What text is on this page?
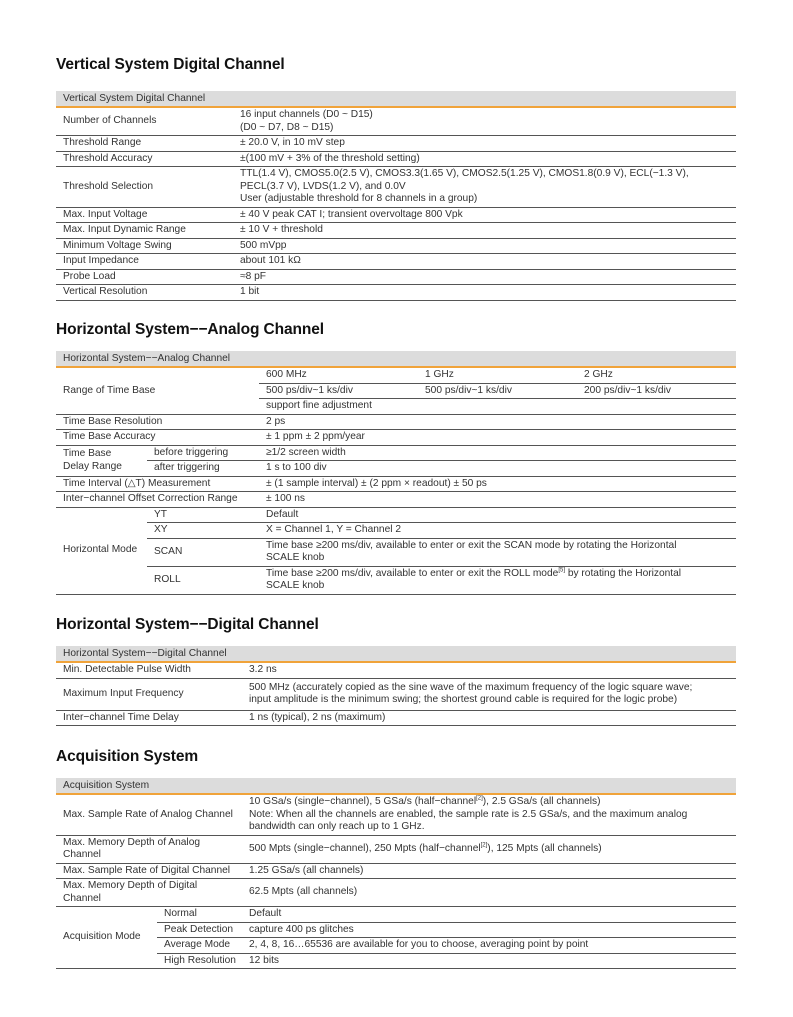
Vertical System Digital Channel
Vertical System Digital Channel	
Number of Channels	16 input channels (D0 ~ D15)
(D0 ~ D7, D8 ~ D15)

Threshold Range	± 20.0 V, in 10 mV step
Threshold Accuracy	±(100 mV + 3% of the threshold setting)
Threshold Selection	TTL(1.4 V), CMOS5.0(2.5 V), CMOS3.3(1.65 V), CMOS2.5(1.25 V), CMOS1.8(0.9 V), ECL(−1.3 V),
PECL(3.7 V), LVDS(1.2 V), and 0.0V
User (adjustable threshold for 8 channels in a group)

Max. Input Voltage	± 40 V peak CAT I; transient overvoltage 800 Vpk
Max. Input Dynamic Range	± 10 V + threshold
Minimum Voltage Swing	500 mVpp
Input Impedance	about 101 kΩ
Probe Load	≈8 pF
Vertical Resolution	1 bit
Horizontal System−−Analog Channel
Horizontal System−−Analog Channel				
Range of Time Base		600 MHz	1 GHz	2 GHz
		500 ps/div~1 ks/div	500 ps/div~1 ks/div	200 ps/div~1 ks/div
		support fine adjustment		
Time Base Resolution		2 ps		
Time Base Accuracy		± 1 ppm ± 2 ppm/year		

Time Base
Delay Range	before triggering	≥1/2 screen width		
	after triggering	1 s to 100 div		
Time Interval (△T) Measurement		± (1 sample interval) ± (2 ppm × readout) ± 50 ps		
Inter−channel Offset Correction Range		± 100 ns		
Horizontal Mode	YT	Default		
	XY	X = Channel 1, Y = Channel 2		
	SCAN	Time base ≥200 ms/div, available to enter or exit the SCAN mode by rotating the Horizontal
SCALE knob		

	ROLL	Time base ≥200 ms/div, available to enter or exit the ROLL mode[5] by rotating the Horizontal
SCALE knob		
Horizontal System−−Digital Channel
Horizontal System−−Digital Channel	
Min. Detectable Pulse Width	3.2 ns
Maximum Input Frequency	500 MHz (accurately copied as the sine wave of the maximum frequency of the logic square wave;
input amplitude is the minimum swing; the shortest ground cable is required for the logic probe)

Inter−channel Time Delay	1 ns (typical), 2 ns (maximum)
Acquisition System
Acquisition System		
Max. Sample Rate of Analog Channel		10 GSa/s (single−channel), 5 GSa/s (half−channel[2]), 2.5 GSa/s (all channels)
Note: When all the channels are enabled, the sample rate is 2.5 GSa/s, and the maximum analog
bandwidth can only reach up to 1 GHz.

Max. Memory Depth of Analog
Channel		500 Mpts (single−channel), 250 Mpts (half−channel[2]), 125 Mpts (all channels)
Max. Sample Rate of Digital Channel		1.25 GSa/s (all channels)

Max. Memory Depth of Digital
Channel		62.5 Mpts (all channels)
Acquisition Mode	Normal	Default
	Peak Detection	capture 400 ps glitches
	Average Mode	2, 4, 8, 16…65536 are available for you to choose, averaging point by point
	High Resolution	12 bits
